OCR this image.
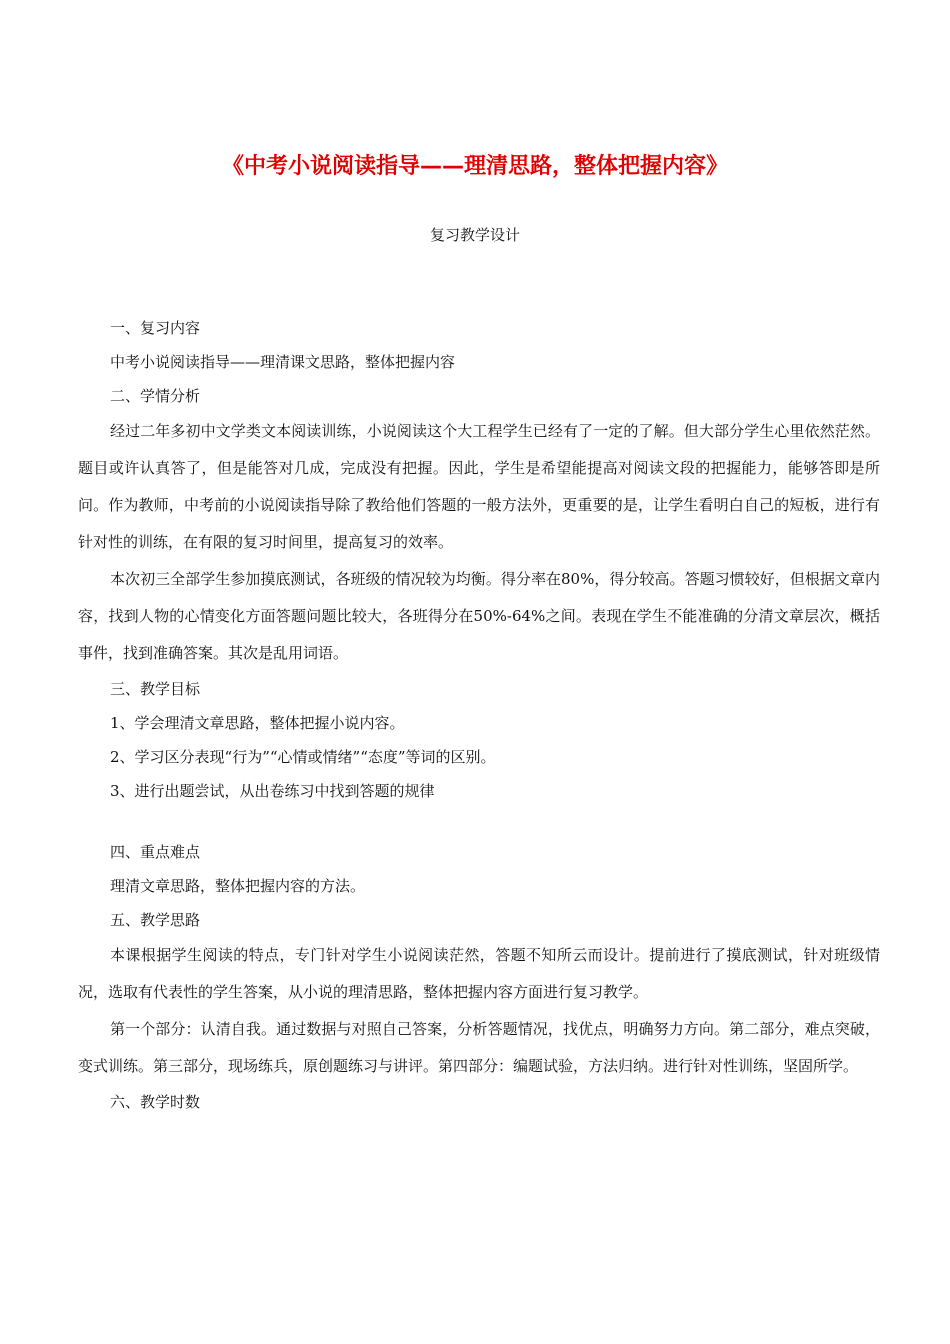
《中考小说阅读指导——理清思路，整体把握内容》
复习教学设计

一、复习内容

中考小说阅读指导——理清课文思路，整体把握内容

二、学情分析

经过二年多初中文学类文本阅读训练，小说阅读这个大工程学生已经有了一定的了解。但大部分学生心里依然茫然。题目或许认真答了，但是能答对几成，完成没有把握。因此，学生是希望能提高对阅读文段的把握能力，能够答即是所问。作为教师，中考前的小说阅读指导除了教给他们答题的一般方法外，更重要的是，让学生看明白自己的短板，进行有针对性的训练，在有限的复习时间里，提高复习的效率。

本次初三全部学生参加摸底测试，各班级的情况较为均衡。得分率在80%，得分较高。答题习惯较好，但根据文章内容，找到人物的心情变化方面答题问题比较大，各班得分在50%-64%之间。表现在学生不能准确的分清文章层次，概括事件，找到准确答案。其次是乱用词语。

三、教学目标

1、学会理清文章思路，整体把握小说内容。

2、学习区分表现“行为”“心情或情绪”“态度”等词的区别。

3、进行出题尝试，从出卷练习中找到答题的规律

四、重点难点

理清文章思路，整体把握内容的方法。

五、教学思路

本课根据学生阅读的特点，专门针对学生小说阅读茫然，答题不知所云而设计。提前进行了摸底测试，针对班级情况，选取有代表性的学生答案，从小说的理清思路，整体把握内容方面进行复习教学。

第一个部分：认清自我。通过数据与对照自己答案，分析答题情况，找优点，明确努力方向。第二部分，难点突破，变式训练。第三部分，现场练兵，原创题练习与讲评。第四部分：编题试验，方法归纳。进行针对性训练，坚固所学。

六、教学时数
